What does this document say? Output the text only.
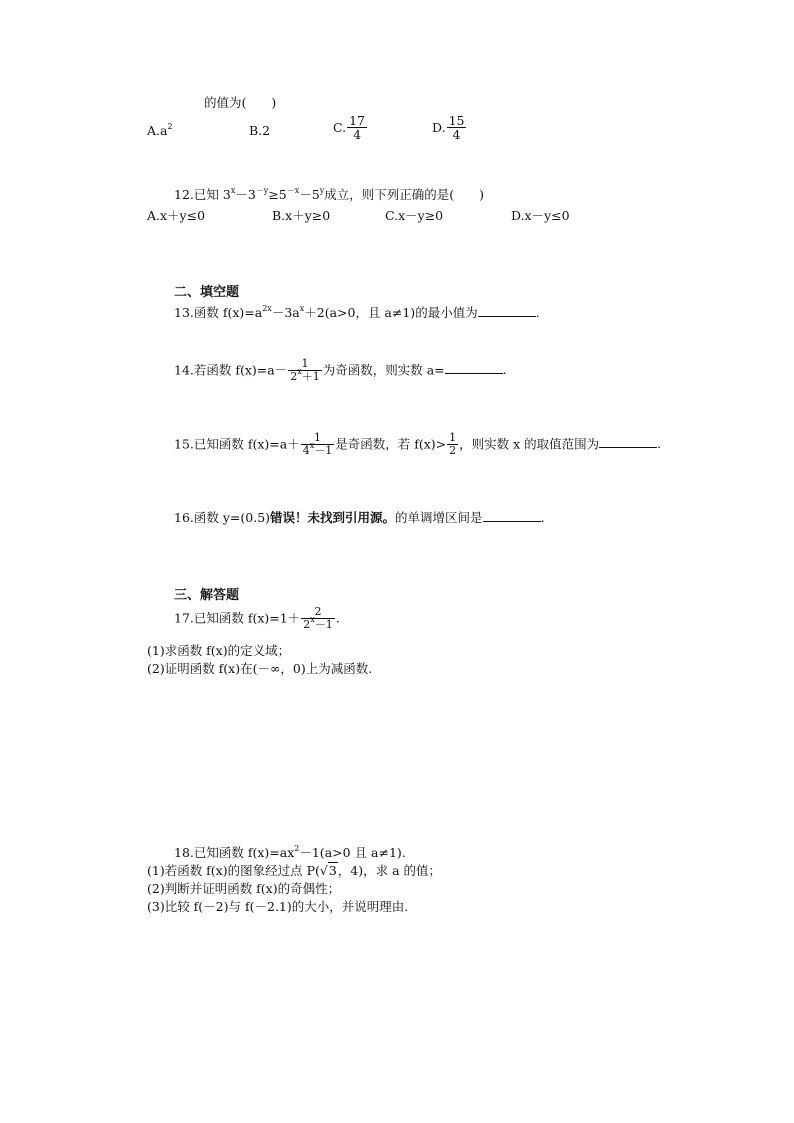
的值为(　　)
$A.a^2$	B.2	C. $\frac{17}{4}$	D. $\frac{15}{4}$
12.已知 $3^x-3^{-y}\ge 5^{-x}-5^y$成立，则下列正确的是(　　)
A.x＋y≤0	B.x＋y≥0	C.x－y≥0	D.x－y≤0
二、填空题
13.函数 $f(x)=a^{2x}-3a^x+2(a>0$，且 a≠1)的最小值为	.
14.若函数 $f(x)=a- \frac{1}{2^x+1}$ 为奇函数，则实数 a=	.
15.已知函数 $f(x)=a+ \frac{1}{4^x-1}$ 是奇函数，若 $f(x)> \frac{1}{2}$ ，则实数 x 的取值范围为	.
16.函数 y=(0.5)错误！未找到引用源。的单调增区间是	.
三、解答题
17.已知函数 $f(x)=1+ \frac{2}{2^x-1}$ .
(1)求函数 f(x)的定义域；
(2)证明函数 f(x)在(－∞，0)上为减函数.
18.已知函数 $f(x)=ax^2-1(a>0$ 且 a≠1).
(1)若函数 f(x)的图象经过点 P(√3，4)，求 a 的值；
(2)判断并证明函数 f(x)的奇偶性；
(3)比较 f(－2)与 f(－2.1)的大小，并说明理由.
